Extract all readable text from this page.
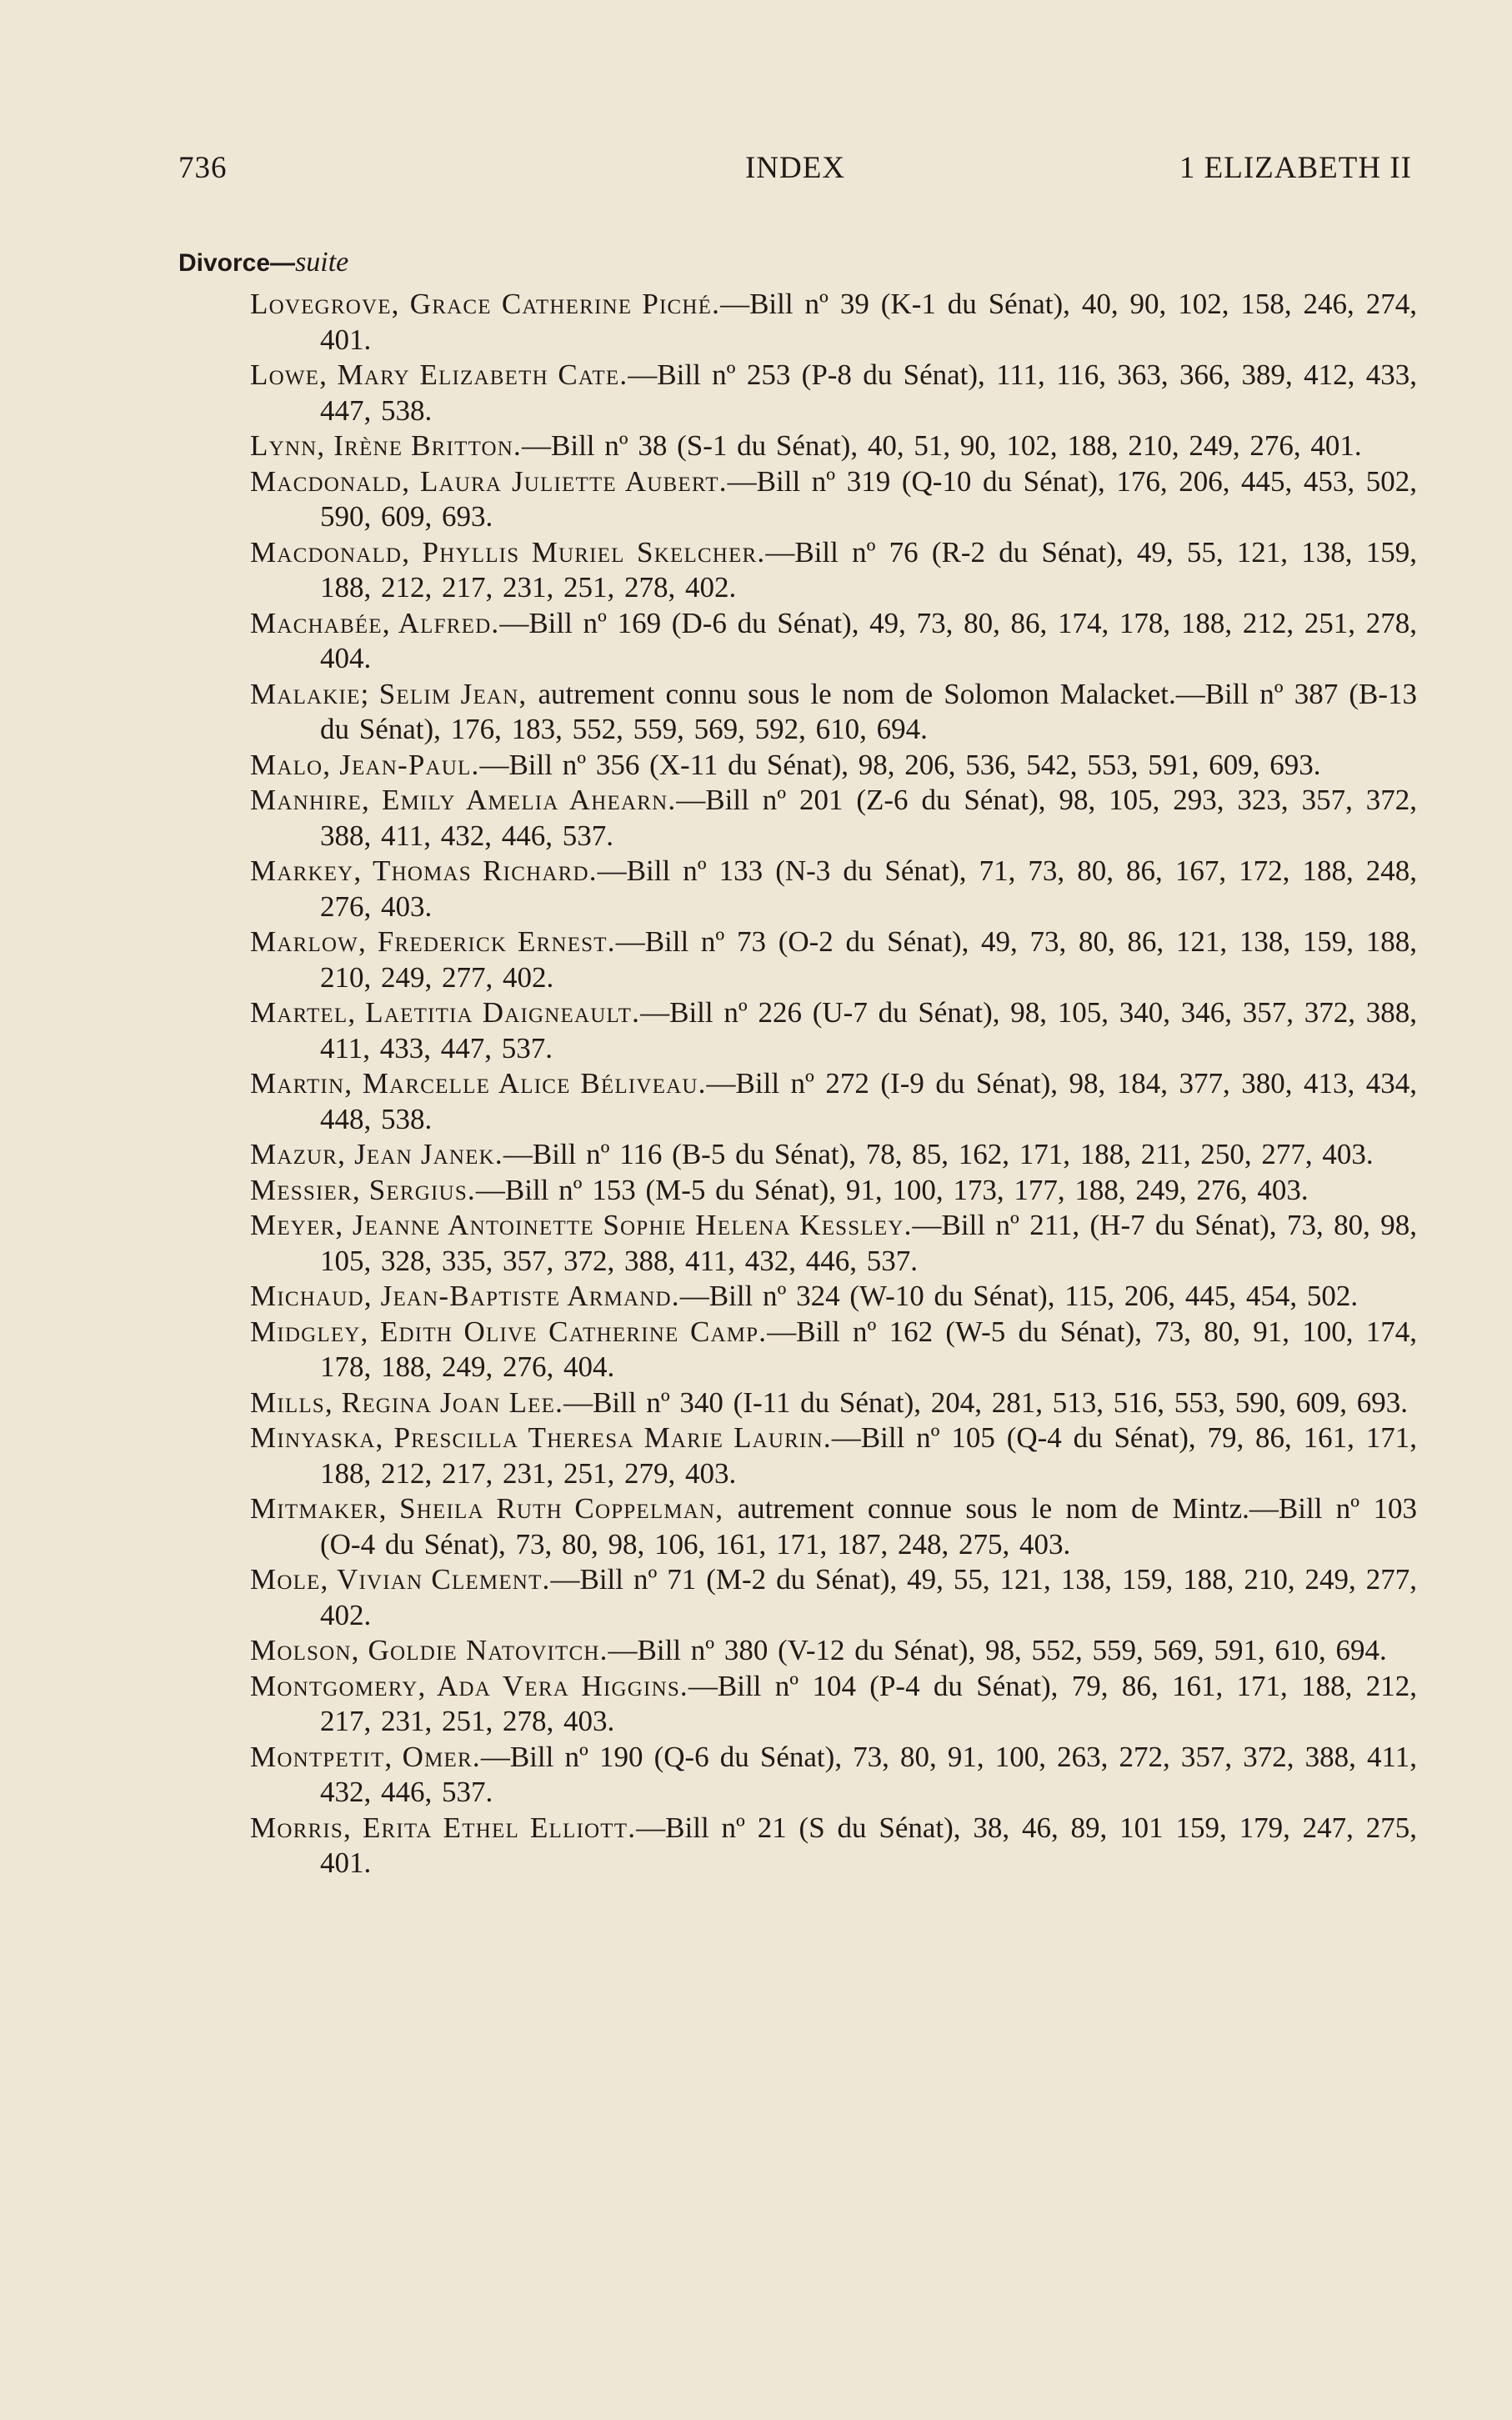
736	INDEX	1 ELIZABETH II
Divorce—suite

Lovegrove, Grace Catherine Piché.—Bill nº 39 (K-1 du Sénat), 40, 90, 102, 158, 246, 274, 401.

Lowe, Mary Elizabeth Cate.—Bill nº 253 (P-8 du Sénat), 111, 116, 363, 366, 389, 412, 433, 447, 538.

Lynn, Irène Britton.—Bill nº 38 (S-1 du Sénat), 40, 51, 90, 102, 188, 210, 249, 276, 401.

Macdonald, Laura Juliette Aubert.—Bill nº 319 (Q-10 du Sénat), 176, 206, 445, 453, 502, 590, 609, 693.

Macdonald, Phyllis Muriel Skelcher.—Bill nº 76 (R-2 du Sénat), 49, 55, 121, 138, 159, 188, 212, 217, 231, 251, 278, 402.

Machabée, Alfred.—Bill nº 169 (D-6 du Sénat), 49, 73, 80, 86, 174, 178, 188, 212, 251, 278, 404.

Malakie; Selim Jean, autrement connu sous le nom de Solomon Malacket.—Bill nº 387 (B-13 du Sénat), 176, 183, 552, 559, 569, 592, 610, 694.

Malo, Jean-Paul.—Bill nº 356 (X-11 du Sénat), 98, 206, 536, 542, 553, 591, 609, 693.

Manhire, Emily Amelia Ahearn.—Bill nº 201 (Z-6 du Sénat), 98, 105, 293, 323, 357, 372, 388, 411, 432, 446, 537.

Markey, Thomas Richard.—Bill nº 133 (N-3 du Sénat), 71, 73, 80, 86, 167, 172, 188, 248, 276, 403.

Marlow, Frederick Ernest.—Bill nº 73 (O-2 du Sénat), 49, 73, 80, 86, 121, 138, 159, 188, 210, 249, 277, 402.

Martel, Laetitia Daigneault.—Bill nº 226 (U-7 du Sénat), 98, 105, 340, 346, 357, 372, 388, 411, 433, 447, 537.

Martin, Marcelle Alice Béliveau.—Bill nº 272 (I-9 du Sénat), 98, 184, 377, 380, 413, 434, 448, 538.

Mazur, Jean Janek.—Bill nº 116 (B-5 du Sénat), 78, 85, 162, 171, 188, 211, 250, 277, 403.

Messier, Sergius.—Bill nº 153 (M-5 du Sénat), 91, 100, 173, 177, 188, 249, 276, 403.

Meyer, Jeanne Antoinette Sophie Helena Kessley.—Bill nº 211, (H-7 du Sénat), 73, 80, 98, 105, 328, 335, 357, 372, 388, 411, 432, 446, 537.

Michaud, Jean-Baptiste Armand.—Bill nº 324 (W-10 du Sénat), 115, 206, 445, 454, 502.

Midgley, Edith Olive Catherine Camp.—Bill nº 162 (W-5 du Sénat), 73, 80, 91, 100, 174, 178, 188, 249, 276, 404.

Mills, Regina Joan Lee.—Bill nº 340 (I-11 du Sénat), 204, 281, 513, 516, 553, 590, 609, 693.

Minyaska, Prescilla Theresa Marie Laurin.—Bill nº 105 (Q-4 du Sénat), 79, 86, 161, 171, 188, 212, 217, 231, 251, 279, 403.

Mitmaker, Sheila Ruth Coppelman, autrement connue sous le nom de Mintz.—Bill nº 103 (O-4 du Sénat), 73, 80, 98, 106, 161, 171, 187, 248, 275, 403.

Mole, Vivian Clement.—Bill nº 71 (M-2 du Sénat), 49, 55, 121, 138, 159, 188, 210, 249, 277, 402.

Molson, Goldie Natovitch.—Bill nº 380 (V-12 du Sénat), 98, 552, 559, 569, 591, 610, 694.

Montgomery, Ada Vera Higgins.—Bill nº 104 (P-4 du Sénat), 79, 86, 161, 171, 188, 212, 217, 231, 251, 278, 403.

Montpetit, Omer.—Bill nº 190 (Q-6 du Sénat), 73, 80, 91, 100, 263, 272, 357, 372, 388, 411, 432, 446, 537.

Morris, Erita Ethel Elliott.—Bill nº 21 (S du Sénat), 38, 46, 89, 101 159, 179, 247, 275, 401.
